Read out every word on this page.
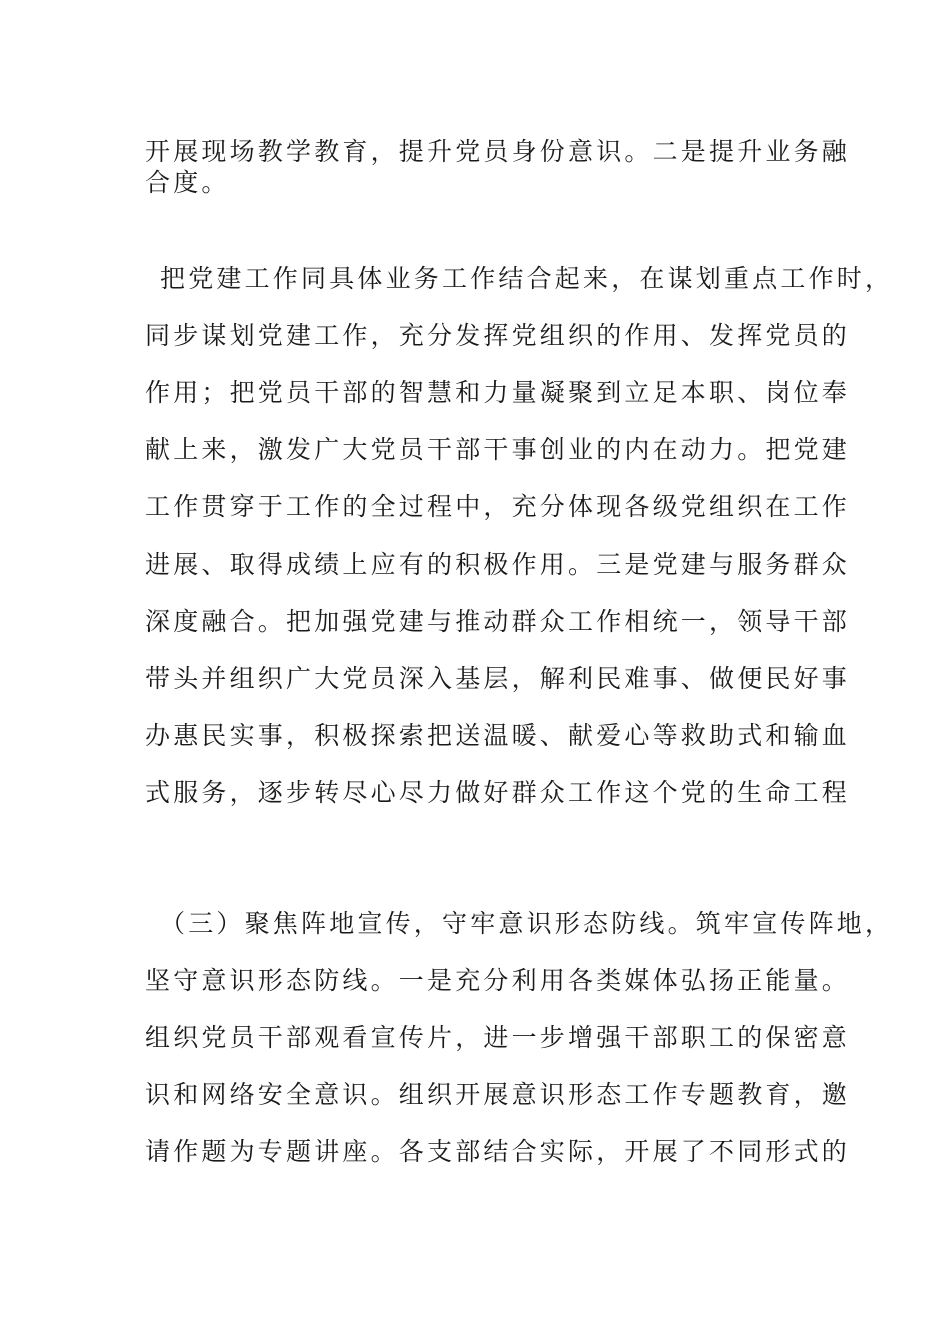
开展现场教学教育，提升党员身份意识。二是提升业务融
合度。
把党建工作同具体业务工作结合起来，在谋划重点工作时，
同步谋划党建工作，充分发挥党组织的作用、发挥党员的
作用；把党员干部的智慧和力量凝聚到立足本职、岗位奉
献上来，激发广大党员干部干事创业的内在动力。把党建
工作贯穿于工作的全过程中，充分体现各级党组织在工作
进展、取得成绩上应有的积极作用。三是党建与服务群众
深度融合。把加强党建与推动群众工作相统一，领导干部
带头并组织广大党员深入基层，解利民难事、做便民好事
办惠民实事，积极探索把送温暖、献爱心等救助式和输血
式服务，逐步转尽心尽力做好群众工作这个党的生命工程
（三）聚焦阵地宣传，守牢意识形态防线。筑牢宣传阵地，
坚守意识形态防线。一是充分利用各类媒体弘扬正能量。
组织党员干部观看宣传片，进一步增强干部职工的保密意
识和网络安全意识。组织开展意识形态工作专题教育，邀
请作题为专题讲座。各支部结合实际，开展了不同形式的
